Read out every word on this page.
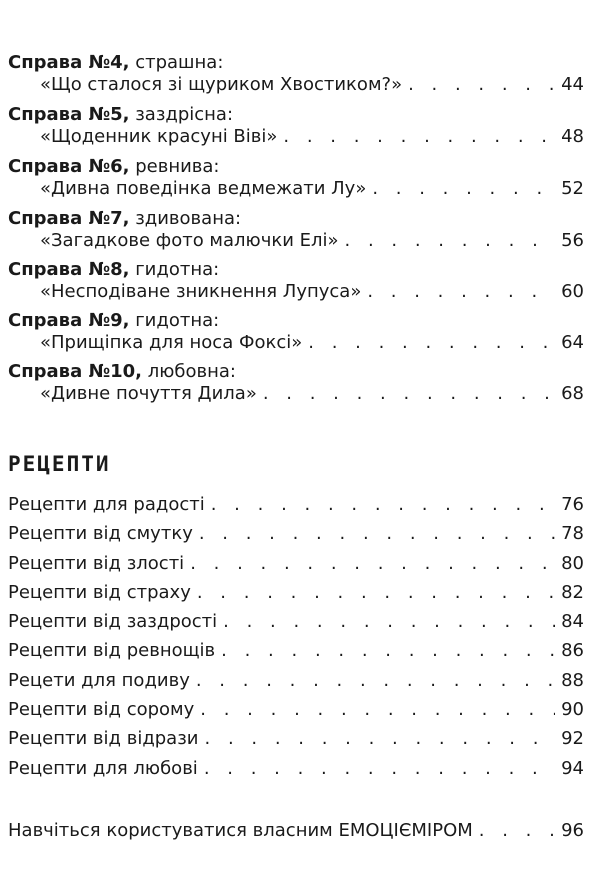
Справа №4, страшна:
«Що сталося зі щуриком Хвостиком?» . . .	44
Справа №5, заздрісна:
«Щоденник красуні Віві» . . .	48
Справа №6, ревнива:
«Дивна поведінка ведмежати Лу» . . .	52
Справа №7, здивована:
«Загадкове фото малючки Елі» . . .	56
Справа №8, гидотна:
«Несподіване зникнення Лупуса» . . .	60
Справа №9, гидотна:
«Прищіпка для носа Фоксі» . . .	64
Справа №10, любовна:
«Дивне почуття Дила» . . .	68
РЕЦЕПТИ
Рецепти для радості . . .	76
Рецепти від смутку . . .	78
Рецепти від злості . . .	80
Рецепти від страху . . .	82
Рецепти від заздрості . . .	84
Рецепти від ревнощів . . .	86
Рецети для подиву . . .	88
Рецепти від сорому . . .	90
Рецепти від відрази . . .	92
Рецепти для любові . . .	94
Навчіться користуватися власним ЕМОЦІЄМІРОМ . . .	96
